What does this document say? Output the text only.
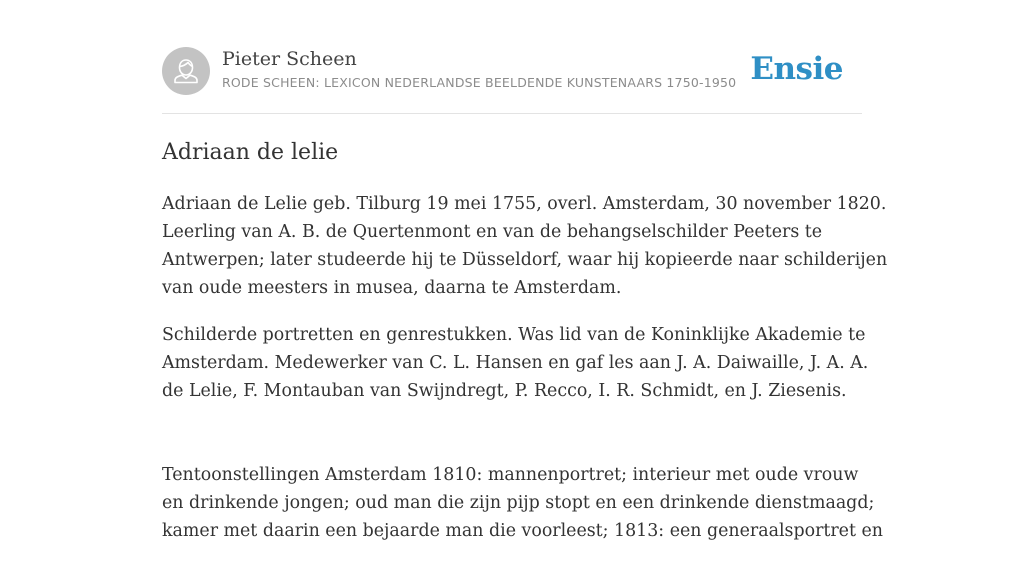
Pieter Scheen
RODE SCHEEN: LEXICON NEDERLANDSE BEELDENDE KUNSTENAARS 1750-1950 Ensie
Adriaan de lelie

Adriaan de Lelie geb. Tilburg 19 mei 1755, overl. Amsterdam, 30 november 1820.
Leerling van A. B. de Quertenmont en van de behangselschilder Peeters te
Antwerpen; later studeerde hij te Düsseldorf, waar hij kopieerde naar schilderijen
van oude meesters in musea, daarna te Amsterdam.

Schilderde portretten en genrestukken. Was lid van de Koninklijke Akademie te
Amsterdam. Medewerker van C. L. Hansen en gaf les aan J. A. Daiwaille, J. A. A.
de Lelie, F. Montauban van Swijndregt, P. Recco, I. R. Schmidt, en J. Ziesenis.

Tentoonstellingen Amsterdam 1810: mannenportret; interieur met oude vrouw
en drinkende jongen; oud man die zijn pijp stopt en een drinkende dienstmaagd;
kamer met daarin een bejaarde man die voorleest; 1813: een generaalsportret en
